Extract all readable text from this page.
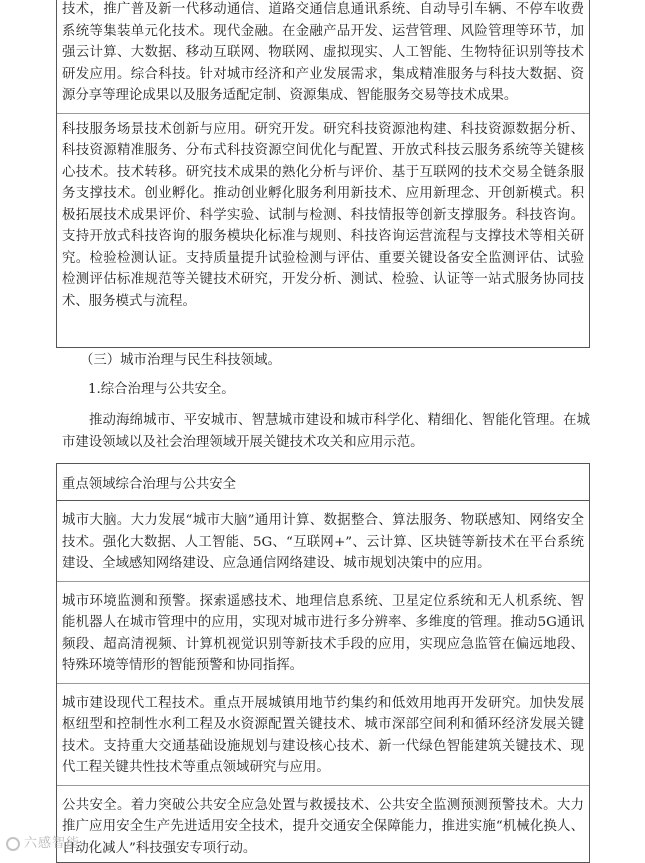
技术，推广普及新一代移动通信、道路交通信息通讯系统、自动导引车辆、不停车收费系统等集装单元化技术。现代金融。在金融产品开发、运营管理、风险管理等环节，加强云计算、大数据、移动互联网、物联网、虚拟现实、人工智能、生物特征识别等技术研发应用。综合科技。针对城市经济和产业发展需求，集成精准服务与科技大数据、资源分享等理论成果以及服务适配定制、资源集成、智能服务交易等技术成果。

科技服务场景技术创新与应用。研究开发。研究科技资源池构建、科技资源数据分析、科技资源精准服务、分布式科技资源空间优化与配置、开放式科技云服务系统等关键核心技术。技术转移。研究技术成果的熟化分析与评价、基于互联网的技术交易全链条服务支撑技术。创业孵化。推动创业孵化服务利用新技术、应用新理念、开创新模式。积极拓展技术成果评价、科学实验、试制与检测、科技情报等创新支撑服务。科技咨询。支持开放式科技咨询的服务模块化标准与规则、科技咨询运营流程与支撑技术等相关研究。检验检测认证。支持质量提升试验检测与评估、重要关键设备安全监测评估、试验检测评估标准规范等关键技术研究，开发分析、测试、检验、认证等一站式服务协同技术、服务模式与流程。

（三）城市治理与民生科技领域。

1.综合治理与公共安全。

推动海绵城市、平安城市、智慧城市建设和城市科学化、精细化、智能化管理。在城市建设领域以及社会治理领域开展关键技术攻关和应用示范。

重点领域综合治理与公共安全

城市大脑。大力发展“城市大脑”通用计算、数据整合、算法服务、物联感知、网络安全技术。强化大数据、人工智能、5G、“互联网+”、云计算、区块链等新技术在平台系统建设、全域感知网络建设、应急通信网络建设、城市规划决策中的应用。

城市环境监测和预警。探索遥感技术、地理信息系统、卫星定位系统和无人机系统、智能机器人在城市管理中的应用，实现对城市进行多分辨率、多维度的管理。推动5G通讯频段、超高清视频、计算机视觉识别等新技术手段的应用，实现应急监管在偏远地段、特殊环境等情形的智能预警和协同指挥。

城市建设现代工程技术。重点开展城镇用地节约集约和低效用地再开发研究。加快发展枢纽型和控制性水利工程及水资源配置关键技术、城市深部空间利和循环经济发展关键技术。支持重大交通基础设施规划与建设核心技术、新一代绿色智能建筑关键技术、现代工程关键共性技术等重点领域研究与应用。

公共安全。着力突破公共安全应急处置与救援技术、公共安全监测预测预警技术。大力推广应用安全生产先进适用安全技术，提升交通安全保障能力，推进实施“机械化换人、自动化减人”科技强安专项行动。

六感智能
